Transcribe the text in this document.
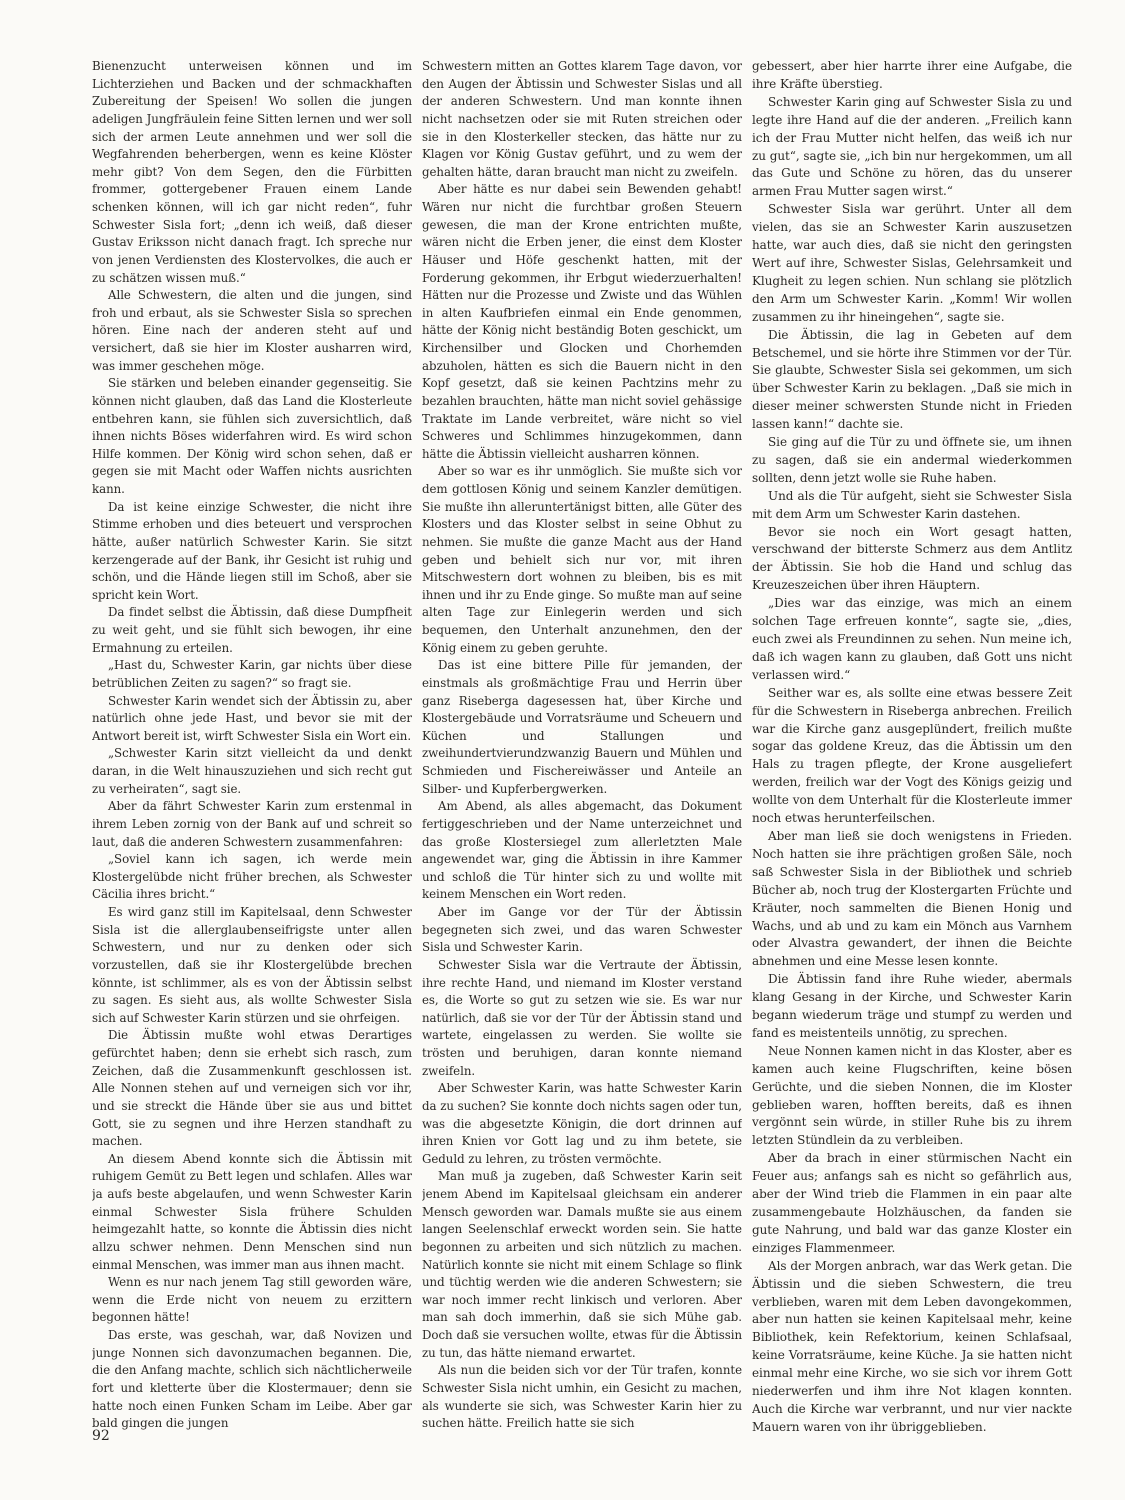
Bienenzucht unterweisen können und im Lichterziehen und Backen und der schmackhaften Zubereitung der Speisen! Wo sollen die jungen adeligen Jungfräulein feine Sitten lernen und wer soll sich der armen Leute annehmen und wer soll die Wegfahrenden beherbergen, wenn es keine Klöster mehr gibt? Von dem Segen, den die Fürbitten frommer, gottergebener Frauen einem Lande schenken können, will ich gar nicht reden“, fuhr Schwester Sisla fort; „denn ich weiß, daß dieser Gustav Eriksson nicht danach fragt. Ich spreche nur von jenen Verdiensten des Klostervolkes, die auch er zu schätzen wissen muß.“

Alle Schwestern, die alten und die jungen, sind froh und erbaut, als sie Schwester Sisla so sprechen hören. Eine nach der anderen steht auf und versichert, daß sie hier im Kloster ausharren wird, was immer geschehen möge.

Sie stärken und beleben einander gegenseitig. Sie können nicht glauben, daß das Land die Klosterleute entbehren kann, sie fühlen sich zuversichtlich, daß ihnen nichts Böses widerfahren wird. Es wird schon Hilfe kommen. Der König wird schon sehen, daß er gegen sie mit Macht oder Waffen nichts ausrichten kann.

Da ist keine einzige Schwester, die nicht ihre Stimme erhoben und dies beteuert und versprochen hätte, außer natürlich Schwester Karin. Sie sitzt kerzengerade auf der Bank, ihr Gesicht ist ruhig und schön, und die Hände liegen still im Schoß, aber sie spricht kein Wort.

Da findet selbst die Äbtissin, daß diese Dumpfheit zu weit geht, und sie fühlt sich bewogen, ihr eine Ermahnung zu erteilen.

„Hast du, Schwester Karin, gar nichts über diese betrüblichen Zeiten zu sagen?“ so fragt sie.

Schwester Karin wendet sich der Äbtissin zu, aber natürlich ohne jede Hast, und bevor sie mit der Antwort bereit ist, wirft Schwester Sisla ein Wort ein.

„Schwester Karin sitzt vielleicht da und denkt daran, in die Welt hinauszuziehen und sich recht gut zu verheiraten“, sagt sie.

Aber da fährt Schwester Karin zum erstenmal in ihrem Leben zornig von der Bank auf und schreit so laut, daß die anderen Schwestern zusammenfahren:

„Soviel kann ich sagen, ich werde mein Klostergelübde nicht früher brechen, als Schwester Cäcilia ihres bricht.“

Es wird ganz still im Kapitelsaal, denn Schwester Sisla ist die allerglaubenseifrigste unter allen Schwestern, und nur zu denken oder sich vorzustellen, daß sie ihr Klostergelübde brechen könnte, ist schlimmer, als es von der Äbtissin selbst zu sagen. Es sieht aus, als wollte Schwester Sisla sich auf Schwester Karin stürzen und sie ohrfeigen.

Die Äbtissin mußte wohl etwas Derartiges gefürchtet haben; denn sie erhebt sich rasch, zum Zeichen, daß die Zusammenkunft geschlossen ist. Alle Nonnen stehen auf und verneigen sich vor ihr, und sie streckt die Hände über sie aus und bittet Gott, sie zu segnen und ihre Herzen standhaft zu machen.

An diesem Abend konnte sich die Äbtissin mit ruhigem Gemüt zu Bett legen und schlafen. Alles war ja aufs beste abgelaufen, und wenn Schwester Karin einmal Schwester Sisla frühere Schulden heimgezahlt hatte, so konnte die Äbtissin dies nicht allzu schwer nehmen. Denn Menschen sind nun einmal Menschen, was immer man aus ihnen macht.

Wenn es nur nach jenem Tag still geworden wäre, wenn die Erde nicht von neuem zu erzittern begonnen hätte!

Das erste, was geschah, war, daß Novizen und junge Nonnen sich davonzumachen begannen. Die, die den Anfang machte, schlich sich nächtlicherweile fort und kletterte über die Klostermauer; denn sie hatte noch einen Funken Scham im Leibe. Aber gar bald gingen die jungen

Schwestern mitten an Gottes klarem Tage davon, vor den Augen der Äbtissin und Schwester Sislas und all der anderen Schwestern. Und man konnte ihnen nicht nachsetzen oder sie mit Ruten streichen oder sie in den Klosterkeller stecken, das hätte nur zu Klagen vor König Gustav geführt, und zu wem der gehalten hätte, daran braucht man nicht zu zweifeln.

Aber hätte es nur dabei sein Bewenden gehabt! Wären nur nicht die furchtbar großen Steuern gewesen, die man der Krone entrichten mußte, wären nicht die Erben jener, die einst dem Kloster Häuser und Höfe geschenkt hatten, mit der Forderung gekommen, ihr Erbgut wiederzuerhalten! Hätten nur die Prozesse und Zwiste und das Wühlen in alten Kaufbriefen einmal ein Ende genommen, hätte der König nicht beständig Boten geschickt, um Kirchensilber und Glocken und Chorhemden abzuholen, hätten es sich die Bauern nicht in den Kopf gesetzt, daß sie keinen Pachtzins mehr zu bezahlen brauchten, hätte man nicht soviel gehässige Traktate im Lande verbreitet, wäre nicht so viel Schweres und Schlimmes hinzugekommen, dann hätte die Äbtissin vielleicht ausharren können.

Aber so war es ihr unmöglich. Sie mußte sich vor dem gottlosen König und seinem Kanzler demütigen. Sie mußte ihn alleruntertänigst bitten, alle Güter des Klosters und das Kloster selbst in seine Obhut zu nehmen. Sie mußte die ganze Macht aus der Hand geben und behielt sich nur vor, mit ihren Mitschwestern dort wohnen zu bleiben, bis es mit ihnen und ihr zu Ende ginge. So mußte man auf seine alten Tage zur Einlegerin werden und sich bequemen, den Unterhalt anzunehmen, den der König einem zu geben geruhte.

Das ist eine bittere Pille für jemanden, der einstmals als großmächtige Frau und Herrin über ganz Riseberga dagesessen hat, über Kirche und Klostergebäude und Vorratsräume und Scheuern und Küchen und Stallungen und zweihundertvierundzwanzig Bauern und Mühlen und Schmieden und Fischereiwässer und Anteile an Silber- und Kupferbergwerken.

Am Abend, als alles abgemacht, das Dokument fertiggeschrieben und der Name unterzeichnet und das große Klostersiegel zum allerletzten Male angewendet war, ging die Äbtissin in ihre Kammer und schloß die Tür hinter sich zu und wollte mit keinem Menschen ein Wort reden.

Aber im Gange vor der Tür der Äbtissin begegneten sich zwei, und das waren Schwester Sisla und Schwester Karin.

Schwester Sisla war die Vertraute der Äbtissin, ihre rechte Hand, und niemand im Kloster verstand es, die Worte so gut zu setzen wie sie. Es war nur natürlich, daß sie vor der Tür der Äbtissin stand und wartete, eingelassen zu werden. Sie wollte sie trösten und beruhigen, daran konnte niemand zweifeln.

Aber Schwester Karin, was hatte Schwester Karin da zu suchen? Sie konnte doch nichts sagen oder tun, was die abgesetzte Königin, die dort drinnen auf ihren Knien vor Gott lag und zu ihm betete, sie Geduld zu lehren, zu trösten vermöchte.

Man muß ja zugeben, daß Schwester Karin seit jenem Abend im Kapitelsaal gleichsam ein anderer Mensch geworden war. Damals mußte sie aus einem langen Seelenschlaf erweckt worden sein. Sie hatte begonnen zu arbeiten und sich nützlich zu machen. Natürlich konnte sie nicht mit einem Schlage so flink und tüchtig werden wie die anderen Schwestern; sie war noch immer recht linkisch und verloren. Aber man sah doch immerhin, daß sie sich Mühe gab. Doch daß sie versuchen wollte, etwas für die Äbtissin zu tun, das hätte niemand erwartet.

Als nun die beiden sich vor der Tür trafen, konnte Schwester Sisla nicht umhin, ein Gesicht zu machen, als wunderte sie sich, was Schwester Karin hier zu suchen hätte. Freilich hatte sie sich

gebessert, aber hier harrte ihrer eine Aufgabe, die ihre Kräfte überstieg.

Schwester Karin ging auf Schwester Sisla zu und legte ihre Hand auf die der anderen. „Freilich kann ich der Frau Mutter nicht helfen, das weiß ich nur zu gut“, sagte sie, „ich bin nur hergekommen, um all das Gute und Schöne zu hören, das du unserer armen Frau Mutter sagen wirst.“

Schwester Sisla war gerührt. Unter all dem vielen, das sie an Schwester Karin auszusetzen hatte, war auch dies, daß sie nicht den geringsten Wert auf ihre, Schwester Sislas, Gelehrsamkeit und Klugheit zu legen schien. Nun schlang sie plötzlich den Arm um Schwester Karin. „Komm! Wir wollen zusammen zu ihr hineingehen“, sagte sie.

Die Äbtissin, die lag in Gebeten auf dem Betschemel, und sie hörte ihre Stimmen vor der Tür. Sie glaubte, Schwester Sisla sei gekommen, um sich über Schwester Karin zu beklagen. „Daß sie mich in dieser meiner schwersten Stunde nicht in Frieden lassen kann!“ dachte sie.

Sie ging auf die Tür zu und öffnete sie, um ihnen zu sagen, daß sie ein andermal wiederkommen sollten, denn jetzt wolle sie Ruhe haben.

Und als die Tür aufgeht, sieht sie Schwester Sisla mit dem Arm um Schwester Karin dastehen.

Bevor sie noch ein Wort gesagt hatten, verschwand der bitterste Schmerz aus dem Antlitz der Äbtissin. Sie hob die Hand und schlug das Kreuzeszeichen über ihren Häuptern.

„Dies war das einzige, was mich an einem solchen Tage erfreuen konnte“, sagte sie, „dies, euch zwei als Freundinnen zu sehen. Nun meine ich, daß ich wagen kann zu glauben, daß Gott uns nicht verlassen wird.“

Seither war es, als sollte eine etwas bessere Zeit für die Schwestern in Riseberga anbrechen. Freilich war die Kirche ganz ausgeplündert, freilich mußte sogar das goldene Kreuz, das die Äbtissin um den Hals zu tragen pflegte, der Krone ausgeliefert werden, freilich war der Vogt des Königs geizig und wollte von dem Unterhalt für die Klosterleute immer noch etwas herunterfeilschen.

Aber man ließ sie doch wenigstens in Frieden. Noch hatten sie ihre prächtigen großen Säle, noch saß Schwester Sisla in der Bibliothek und schrieb Bücher ab, noch trug der Klostergarten Früchte und Kräuter, noch sammelten die Bienen Honig und Wachs, und ab und zu kam ein Mönch aus Varnhem oder Alvastra gewandert, der ihnen die Beichte abnehmen und eine Messe lesen konnte.

Die Äbtissin fand ihre Ruhe wieder, abermals klang Gesang in der Kirche, und Schwester Karin begann wiederum träge und stumpf zu werden und fand es meistenteils unnötig, zu sprechen.

Neue Nonnen kamen nicht in das Kloster, aber es kamen auch keine Flugschriften, keine bösen Gerüchte, und die sieben Nonnen, die im Kloster geblieben waren, hofften bereits, daß es ihnen vergönnt sein würde, in stiller Ruhe bis zu ihrem letzten Stündlein da zu verbleiben.

Aber da brach in einer stürmischen Nacht ein Feuer aus; anfangs sah es nicht so gefährlich aus, aber der Wind trieb die Flammen in ein paar alte zusammengebaute Holzhäuschen, da fanden sie gute Nahrung, und bald war das ganze Kloster ein einziges Flammenmeer.

Als der Morgen anbrach, war das Werk getan. Die Äbtissin und die sieben Schwestern, die treu verblieben, waren mit dem Leben davongekommen, aber nun hatten sie keinen Kapitelsaal mehr, keine Bibliothek, kein Refektorium, keinen Schlafsaal, keine Vorratsräume, keine Küche. Ja sie hatten nicht einmal mehr eine Kirche, wo sie sich vor ihrem Gott niederwerfen und ihm ihre Not klagen konnten. Auch die Kirche war verbrannt, und nur vier nackte Mauern waren von ihr übriggeblieben.

92
